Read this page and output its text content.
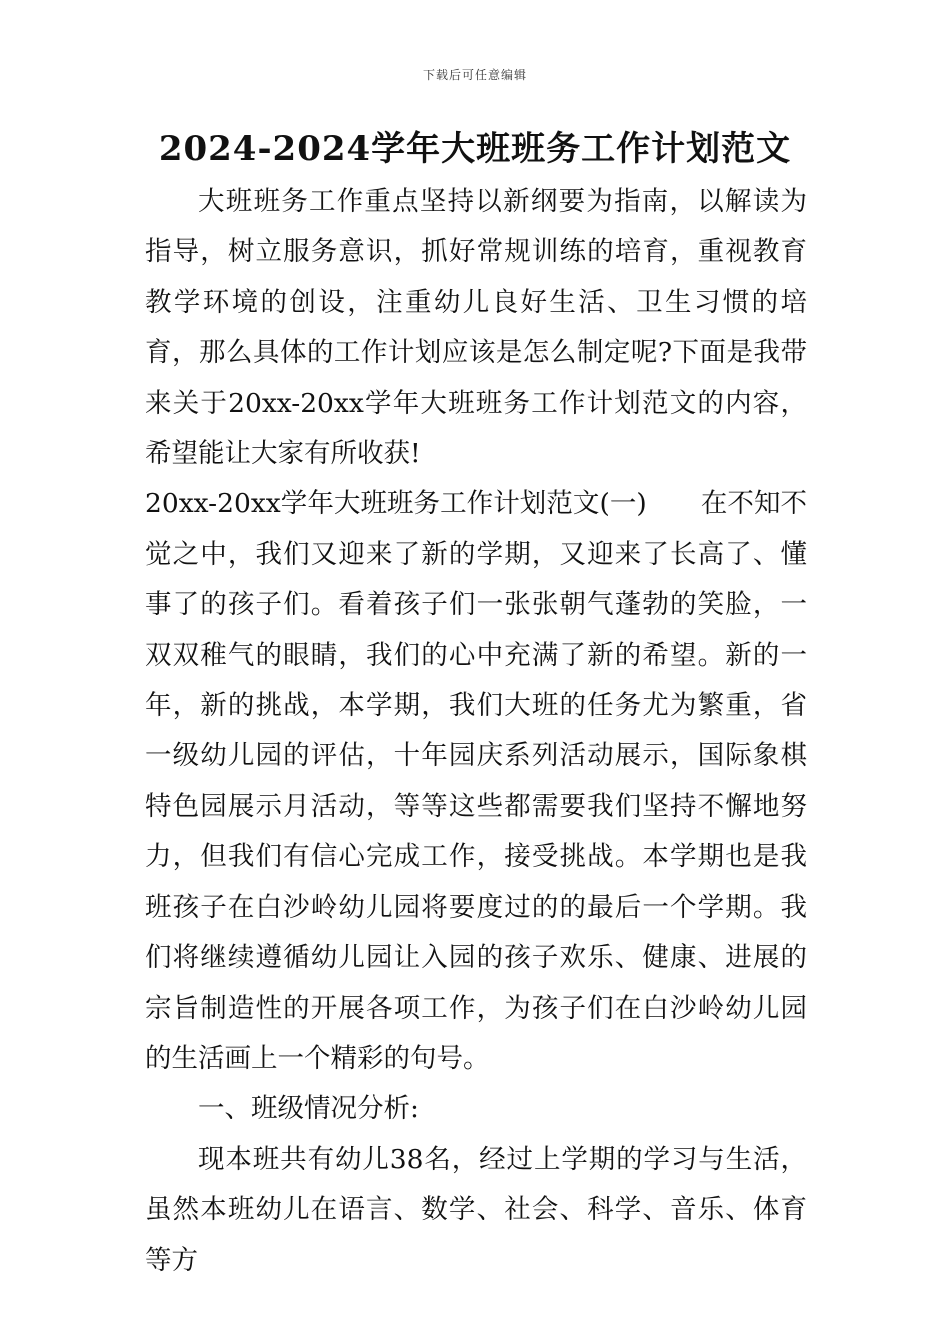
下载后可任意编辑
2024-2024学年大班班务工作计划范文

大班班务工作重点坚持以新纲要为指南，以解读为指导，树立服务意识，抓好常规训练的培育，重视教育教学环境的创设，注重幼儿良好生活、卫生习惯的培育，那么具体的工作计划应该是怎么制定呢?下面是我带来关于20xx-20xx学年大班班务工作计划范文的内容，希望能让大家有所收获!

20xx-20xx学年大班班务工作计划范文(一) 在不知不觉之中，我们又迎来了新的学期，又迎来了长高了、懂事了的孩子们。看着孩子们一张张朝气蓬勃的笑脸，一双双稚气的眼睛，我们的心中充满了新的希望。新的一年，新的挑战，本学期，我们大班的任务尤为繁重，省一级幼儿园的评估，十年园庆系列活动展示，国际象棋特色园展示月活动，等等这些都需要我们坚持不懈地努力，但我们有信心完成工作，接受挑战。本学期也是我班孩子在白沙岭幼儿园将要度过的的最后一个学期。我们将继续遵循幼儿园让入园的孩子欢乐、健康、进展的宗旨制造性的开展各项工作，为孩子们在白沙岭幼儿园的生活画上一个精彩的句号。

一、班级情况分析:

现本班共有幼儿38名，经过上学期的学习与生活，虽然本班幼儿在语言、数学、社会、科学、音乐、体育等方
